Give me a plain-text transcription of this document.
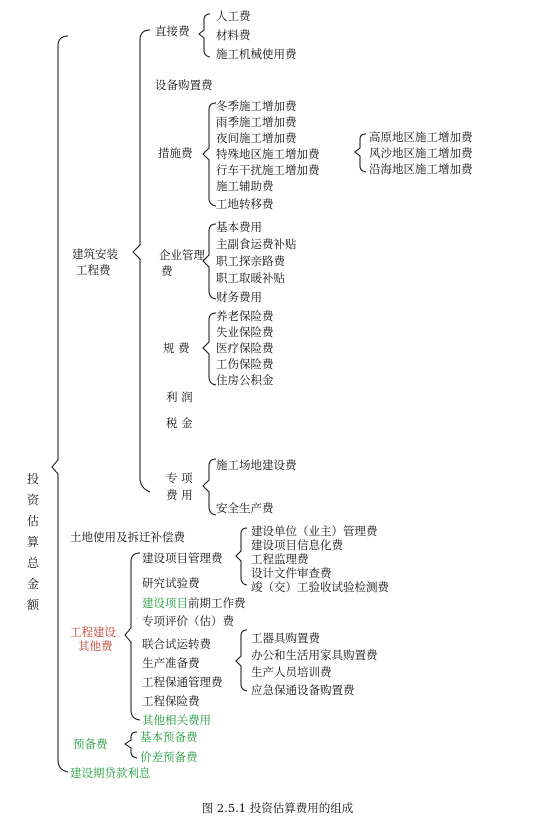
投
资
估
算
总
金
额
建筑安装
工程费
直接费
人工费
材料费
施工机械使用费
设备购置费
措施费
冬季施工增加费
雨季施工增加费
夜间施工增加费
特殊地区施工增加费
行车干扰施工增加费
施工辅助费
工地转移费
高原地区施工增加费
风沙地区施工增加费
沿海地区施工增加费
企业管理
费
基本费用
主副食运费补贴
职工探亲路费
职工取暖补贴
财务费用
规 费
养老保险费
失业保险费
医疗保险费
工伤保险费
住房公积金
利 润
税 金
专 项
费 用
施工场地建设费
安全生产费
土地使用及拆迁补偿费
工程建设
其他费
建设项目管理费
建设单位（业主）管理费
建设项目信息化费
工程监理费
设计文件审查费
竣（交）工验收试验检测费
研究试验费
建设项目前期工作费
专项评价（估）费
联合试运转费
生产准备费
工器具购置费
办公和生活用家具购置费
生产人员培训费
应急保通设备购置费
工程保通管理费
工程保险费
其他相关费用
预备费	基本预备费
价差预备费
建设期贷款利息
图 2.5.1 投资估算费用的组成
